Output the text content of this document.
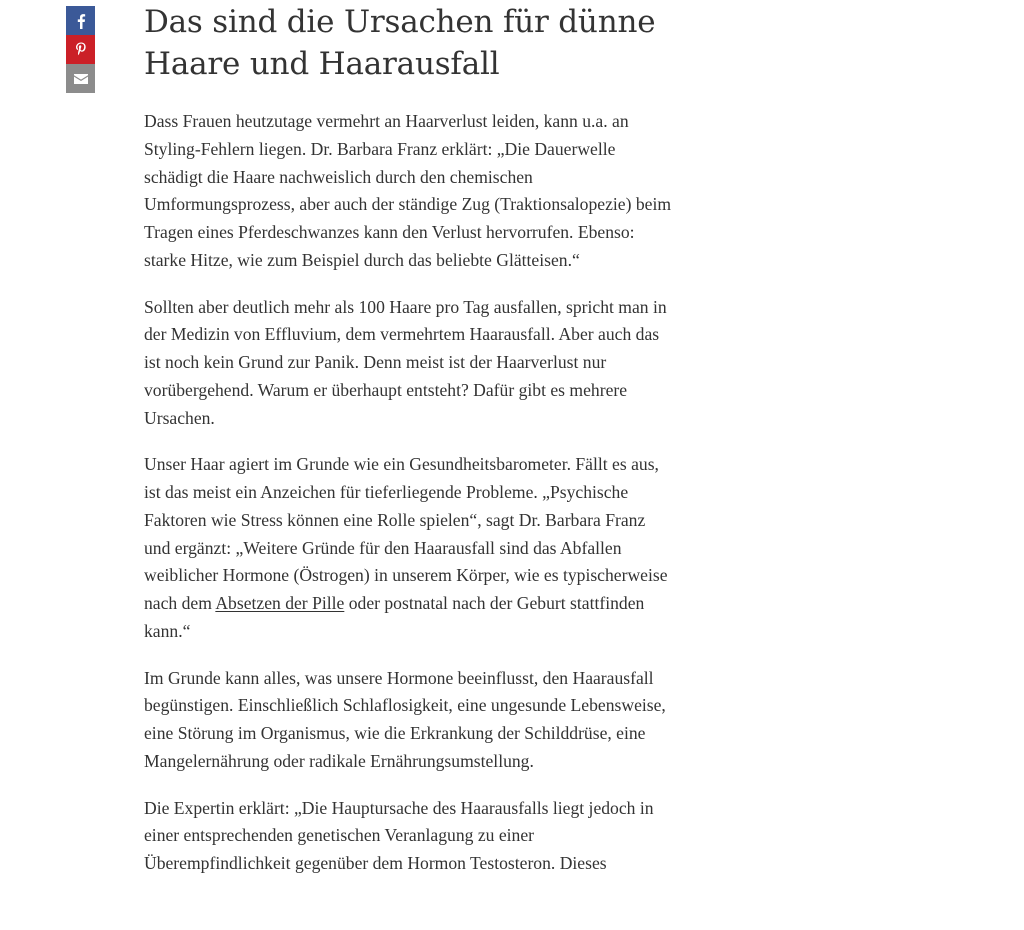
Das sind die Ursachen für dünne Haare und Haarausfall

Dass Frauen heutzutage vermehrt an Haarverlust leiden, kann u.a. an Styling-Fehlern liegen. Dr. Barbara Franz erklärt: „Die Dauerwelle schädigt die Haare nachweislich durch den chemischen Umformungsprozess, aber auch der ständige Zug (Traktionsalopezie) beim Tragen eines Pferdeschwanzes kann den Verlust hervorrufen. Ebenso: starke Hitze, wie zum Beispiel durch das beliebte Glätteisen.“

Sollten aber deutlich mehr als 100 Haare pro Tag ausfallen, spricht man in der Medizin von Effluvium, dem vermehrtem Haarausfall. Aber auch das ist noch kein Grund zur Panik. Denn meist ist der Haarverlust nur vorübergehend. Warum er überhaupt entsteht? Dafür gibt es mehrere Ursachen.

Unser Haar agiert im Grunde wie ein Gesundheitsbarometer. Fällt es aus, ist das meist ein Anzeichen für tieferliegende Probleme. „Psychische Faktoren wie Stress können eine Rolle spielen“, sagt Dr. Barbara Franz und ergänzt: „Weitere Gründe für den Haarausfall sind das Abfallen weiblicher Hormone (Östrogen) in unserem Körper, wie es typischerweise nach dem Absetzen der Pille oder postnatal nach der Geburt stattfinden kann.“

Im Grunde kann alles, was unsere Hormone beeinflusst, den Haarausfall begünstigen. Einschließlich Schlaflosigkeit, eine ungesunde Lebensweise, eine Störung im Organismus, wie die Erkrankung der Schilddrüse, eine Mangelernährung oder radikale Ernährungsumstellung.

Die Expertin erklärt: „Die Hauptursache des Haarausfalls liegt jedoch in einer entsprechenden genetischen Veranlagung zu einer Überempfindlichkeit gegenüber dem Hormon Testosteron. Dieses
